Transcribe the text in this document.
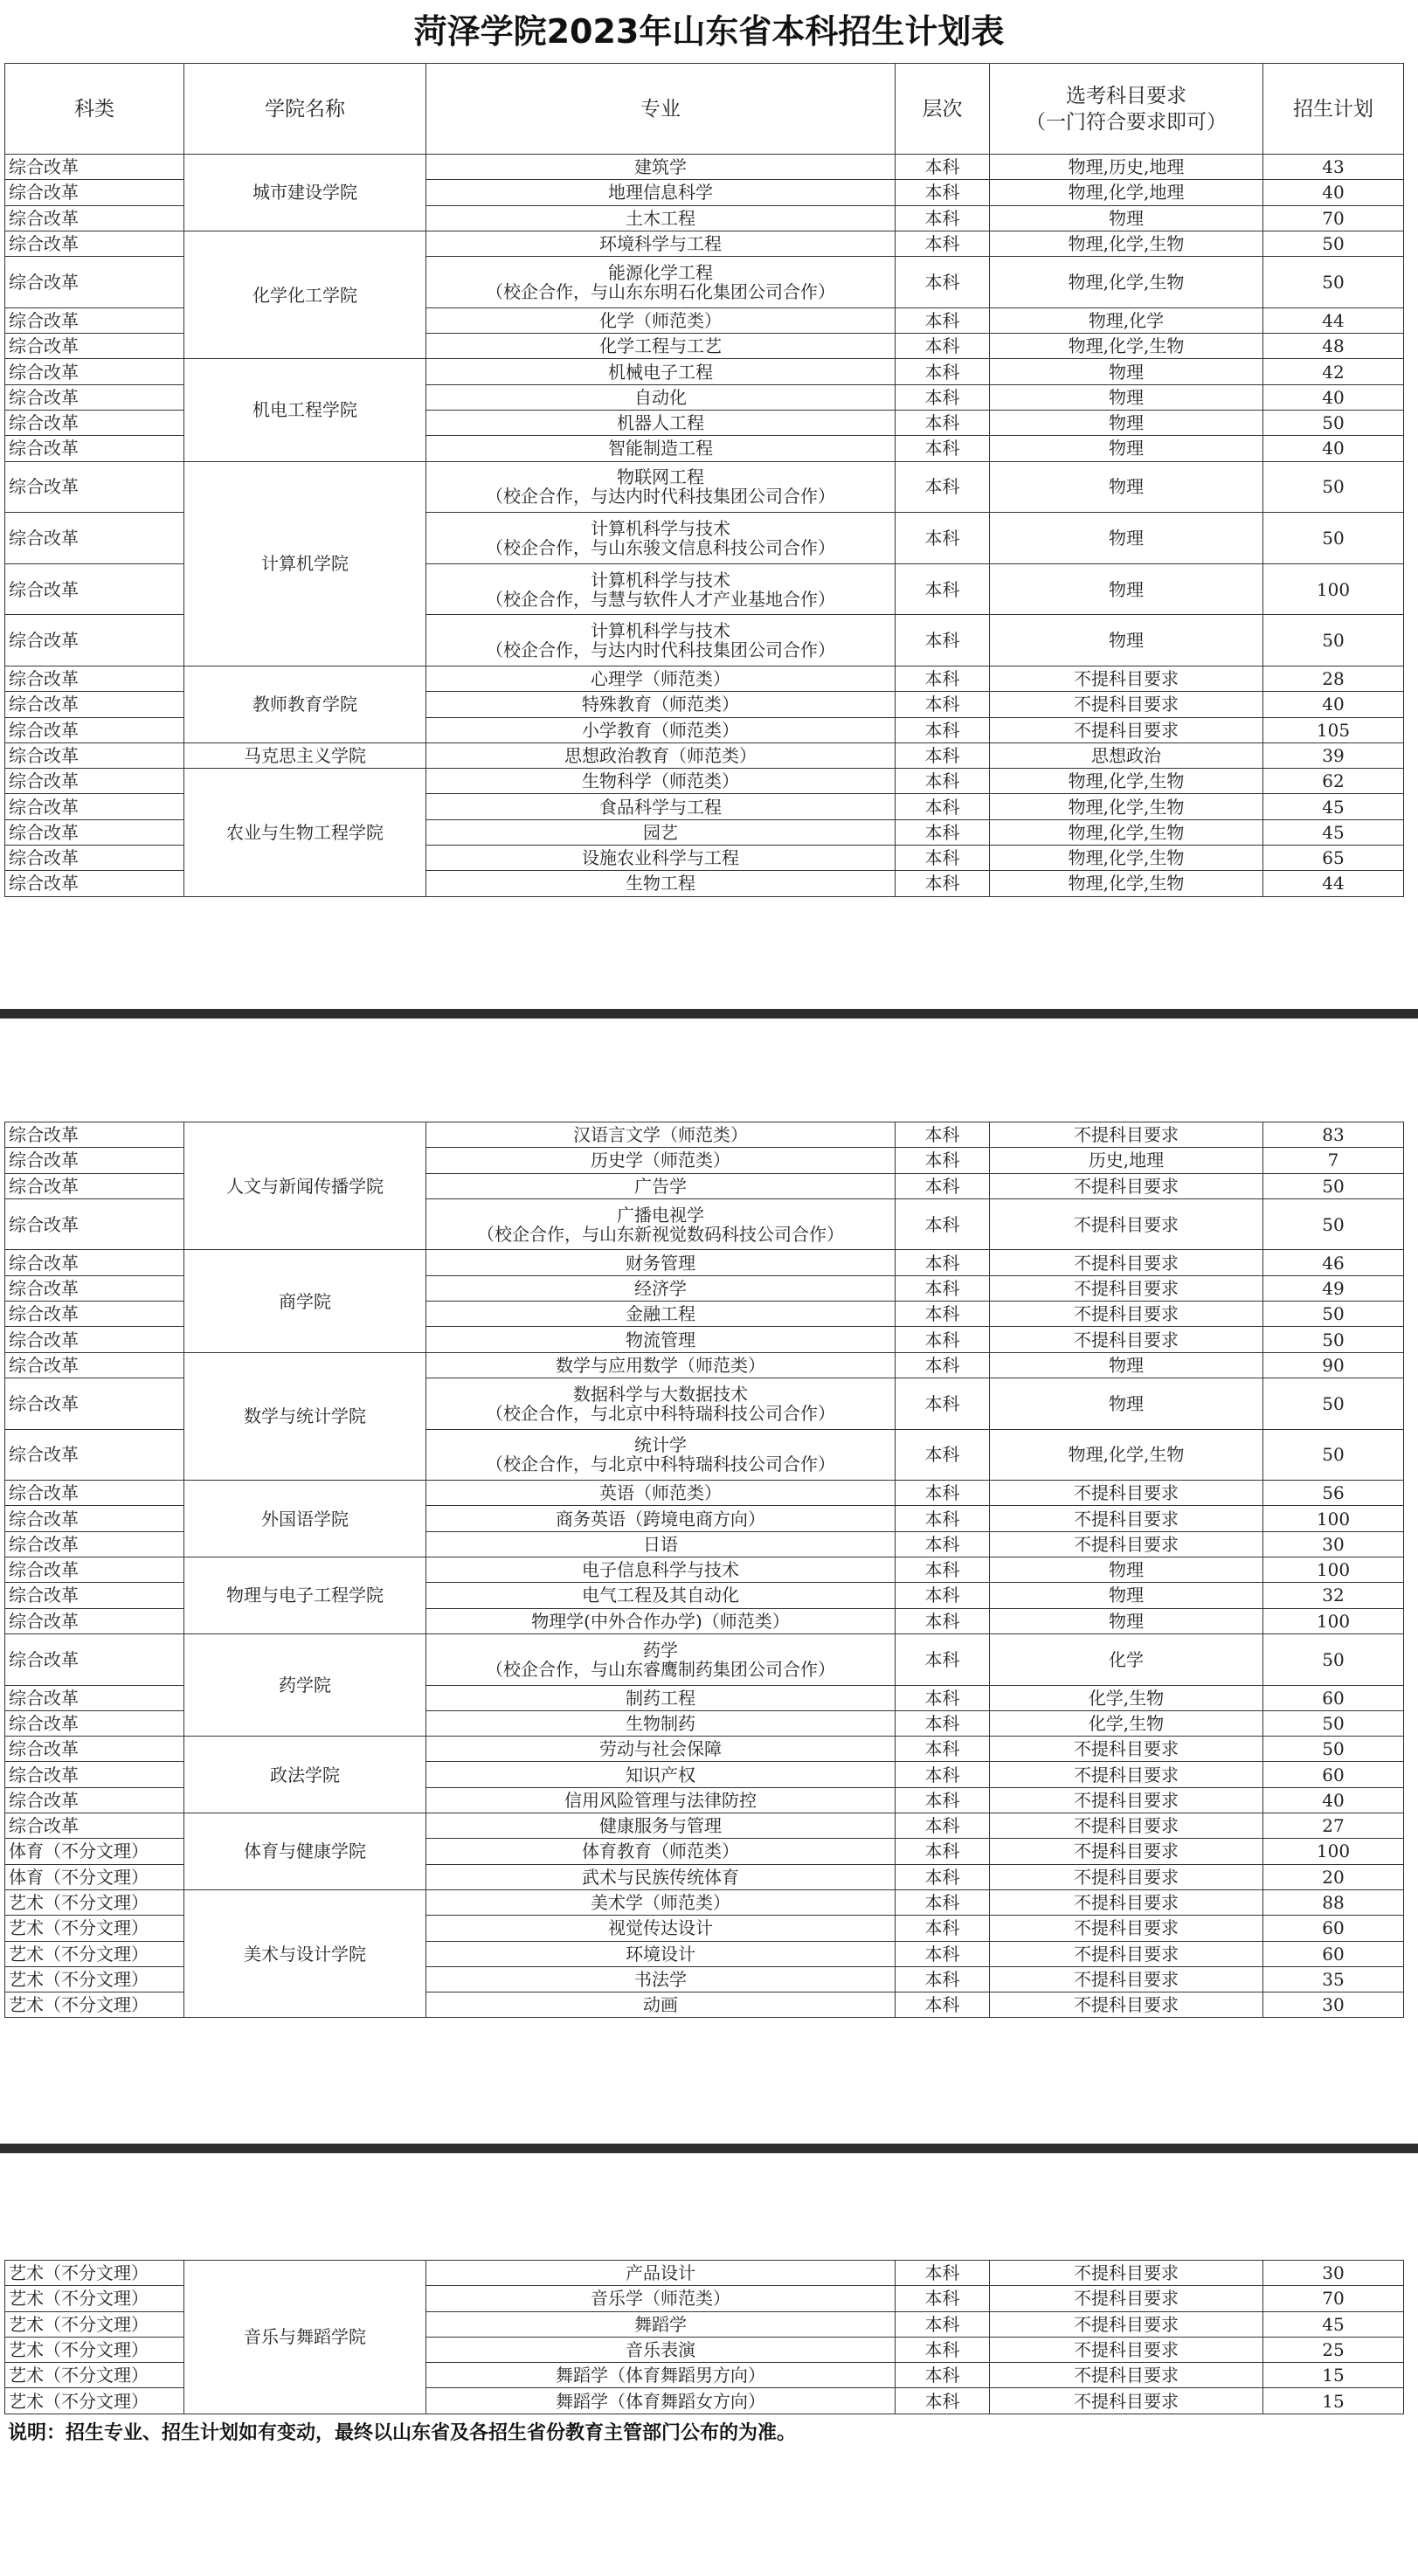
菏泽学院2023年山东省本科招生计划表
科类	学院名称	专业	层次	选考科目要求
（一门符合要求即可）	招生计划
综合改革	城市建设学院	建筑学	本科	物理,历史,地理	43
综合改革		地理信息科学	本科	物理,化学,地理	40
综合改革		土木工程	本科	物理	70
综合改革	化学化工学院	环境科学与工程	本科	物理,化学,生物	50
综合改革		能源化学工程
（校企合作，与山东东明石化集团公司合作）	本科	物理,化学,生物	50
综合改革		化学（师范类）	本科	物理,化学	44
综合改革		化学工程与工艺	本科	物理,化学,生物	48
综合改革	机电工程学院	机械电子工程	本科	物理	42
综合改革		自动化	本科	物理	40
综合改革		机器人工程	本科	物理	50
综合改革		智能制造工程	本科	物理	40
综合改革	计算机学院	物联网工程
（校企合作，与达内时代科技集团公司合作）	本科	物理	50
综合改革		计算机科学与技术
（校企合作，与山东骏文信息科技公司合作）	本科	物理	50
综合改革		计算机科学与技术
（校企合作，与慧与软件人才产业基地合作）	本科	物理	100
综合改革		计算机科学与技术
（校企合作，与达内时代科技集团公司合作）	本科	物理	50
综合改革	教师教育学院	心理学（师范类）	本科	不提科目要求	28
综合改革		特殊教育（师范类）	本科	不提科目要求	40
综合改革		小学教育（师范类）	本科	不提科目要求	105
综合改革	马克思主义学院	思想政治教育（师范类）	本科	思想政治	39
综合改革	农业与生物工程学院	生物科学（师范类）	本科	物理,化学,生物	62
综合改革		食品科学与工程	本科	物理,化学,生物	45
综合改革		园艺	本科	物理,化学,生物	45
综合改革		设施农业科学与工程	本科	物理,化学,生物	65
综合改革		生物工程	本科	物理,化学,生物	44
综合改革	人文与新闻传播学院	汉语言文学（师范类）	本科	不提科目要求	83
综合改革		历史学（师范类）	本科	历史,地理	7
综合改革		广告学	本科	不提科目要求	50
综合改革		广播电视学
（校企合作，与山东新视觉数码科技公司合作）	本科	不提科目要求	50
综合改革	商学院	财务管理	本科	不提科目要求	46
综合改革		经济学	本科	不提科目要求	49
综合改革		金融工程	本科	不提科目要求	50
综合改革		物流管理	本科	不提科目要求	50
综合改革	数学与统计学院	数学与应用数学（师范类）	本科	物理	90
综合改革		数据科学与大数据技术
（校企合作，与北京中科特瑞科技公司合作）	本科	物理	50
综合改革		统计学
（校企合作，与北京中科特瑞科技公司合作）	本科	物理,化学,生物	50
综合改革	外国语学院	英语（师范类）	本科	不提科目要求	56
综合改革		商务英语（跨境电商方向）	本科	不提科目要求	100
综合改革		日语	本科	不提科目要求	30
综合改革	物理与电子工程学院	电子信息科学与技术	本科	物理	100
综合改革		电气工程及其自动化	本科	物理	32
综合改革		物理学(中外合作办学)（师范类）	本科	物理	100
综合改革	药学院	药学
（校企合作，与山东睿鹰制药集团公司合作）	本科	化学	50
综合改革		制药工程	本科	化学,生物	60
综合改革		生物制药	本科	化学,生物	50
综合改革	政法学院	劳动与社会保障	本科	不提科目要求	50
综合改革		知识产权	本科	不提科目要求	60
综合改革		信用风险管理与法律防控	本科	不提科目要求	40
综合改革	体育与健康学院	健康服务与管理	本科	不提科目要求	27
体育（不分文理）		体育教育（师范类）	本科	不提科目要求	100
体育（不分文理）		武术与民族传统体育	本科	不提科目要求	20
艺术（不分文理）	美术与设计学院	美术学（师范类）	本科	不提科目要求	88
艺术（不分文理）		视觉传达设计	本科	不提科目要求	60
艺术（不分文理）		环境设计	本科	不提科目要求	60
艺术（不分文理）		书法学	本科	不提科目要求	35
艺术（不分文理）		动画	本科	不提科目要求	30
艺术（不分文理）	音乐与舞蹈学院	产品设计	本科	不提科目要求	30
艺术（不分文理）		音乐学（师范类）	本科	不提科目要求	70
艺术（不分文理）		舞蹈学	本科	不提科目要求	45
艺术（不分文理）		音乐表演	本科	不提科目要求	25
艺术（不分文理）		舞蹈学（体育舞蹈男方向）	本科	不提科目要求	15
艺术（不分文理）		舞蹈学（体育舞蹈女方向）	本科	不提科目要求	15
说明：招生专业、招生计划如有变动，最终以山东省及各招生省份教育主管部门公布的为准。
